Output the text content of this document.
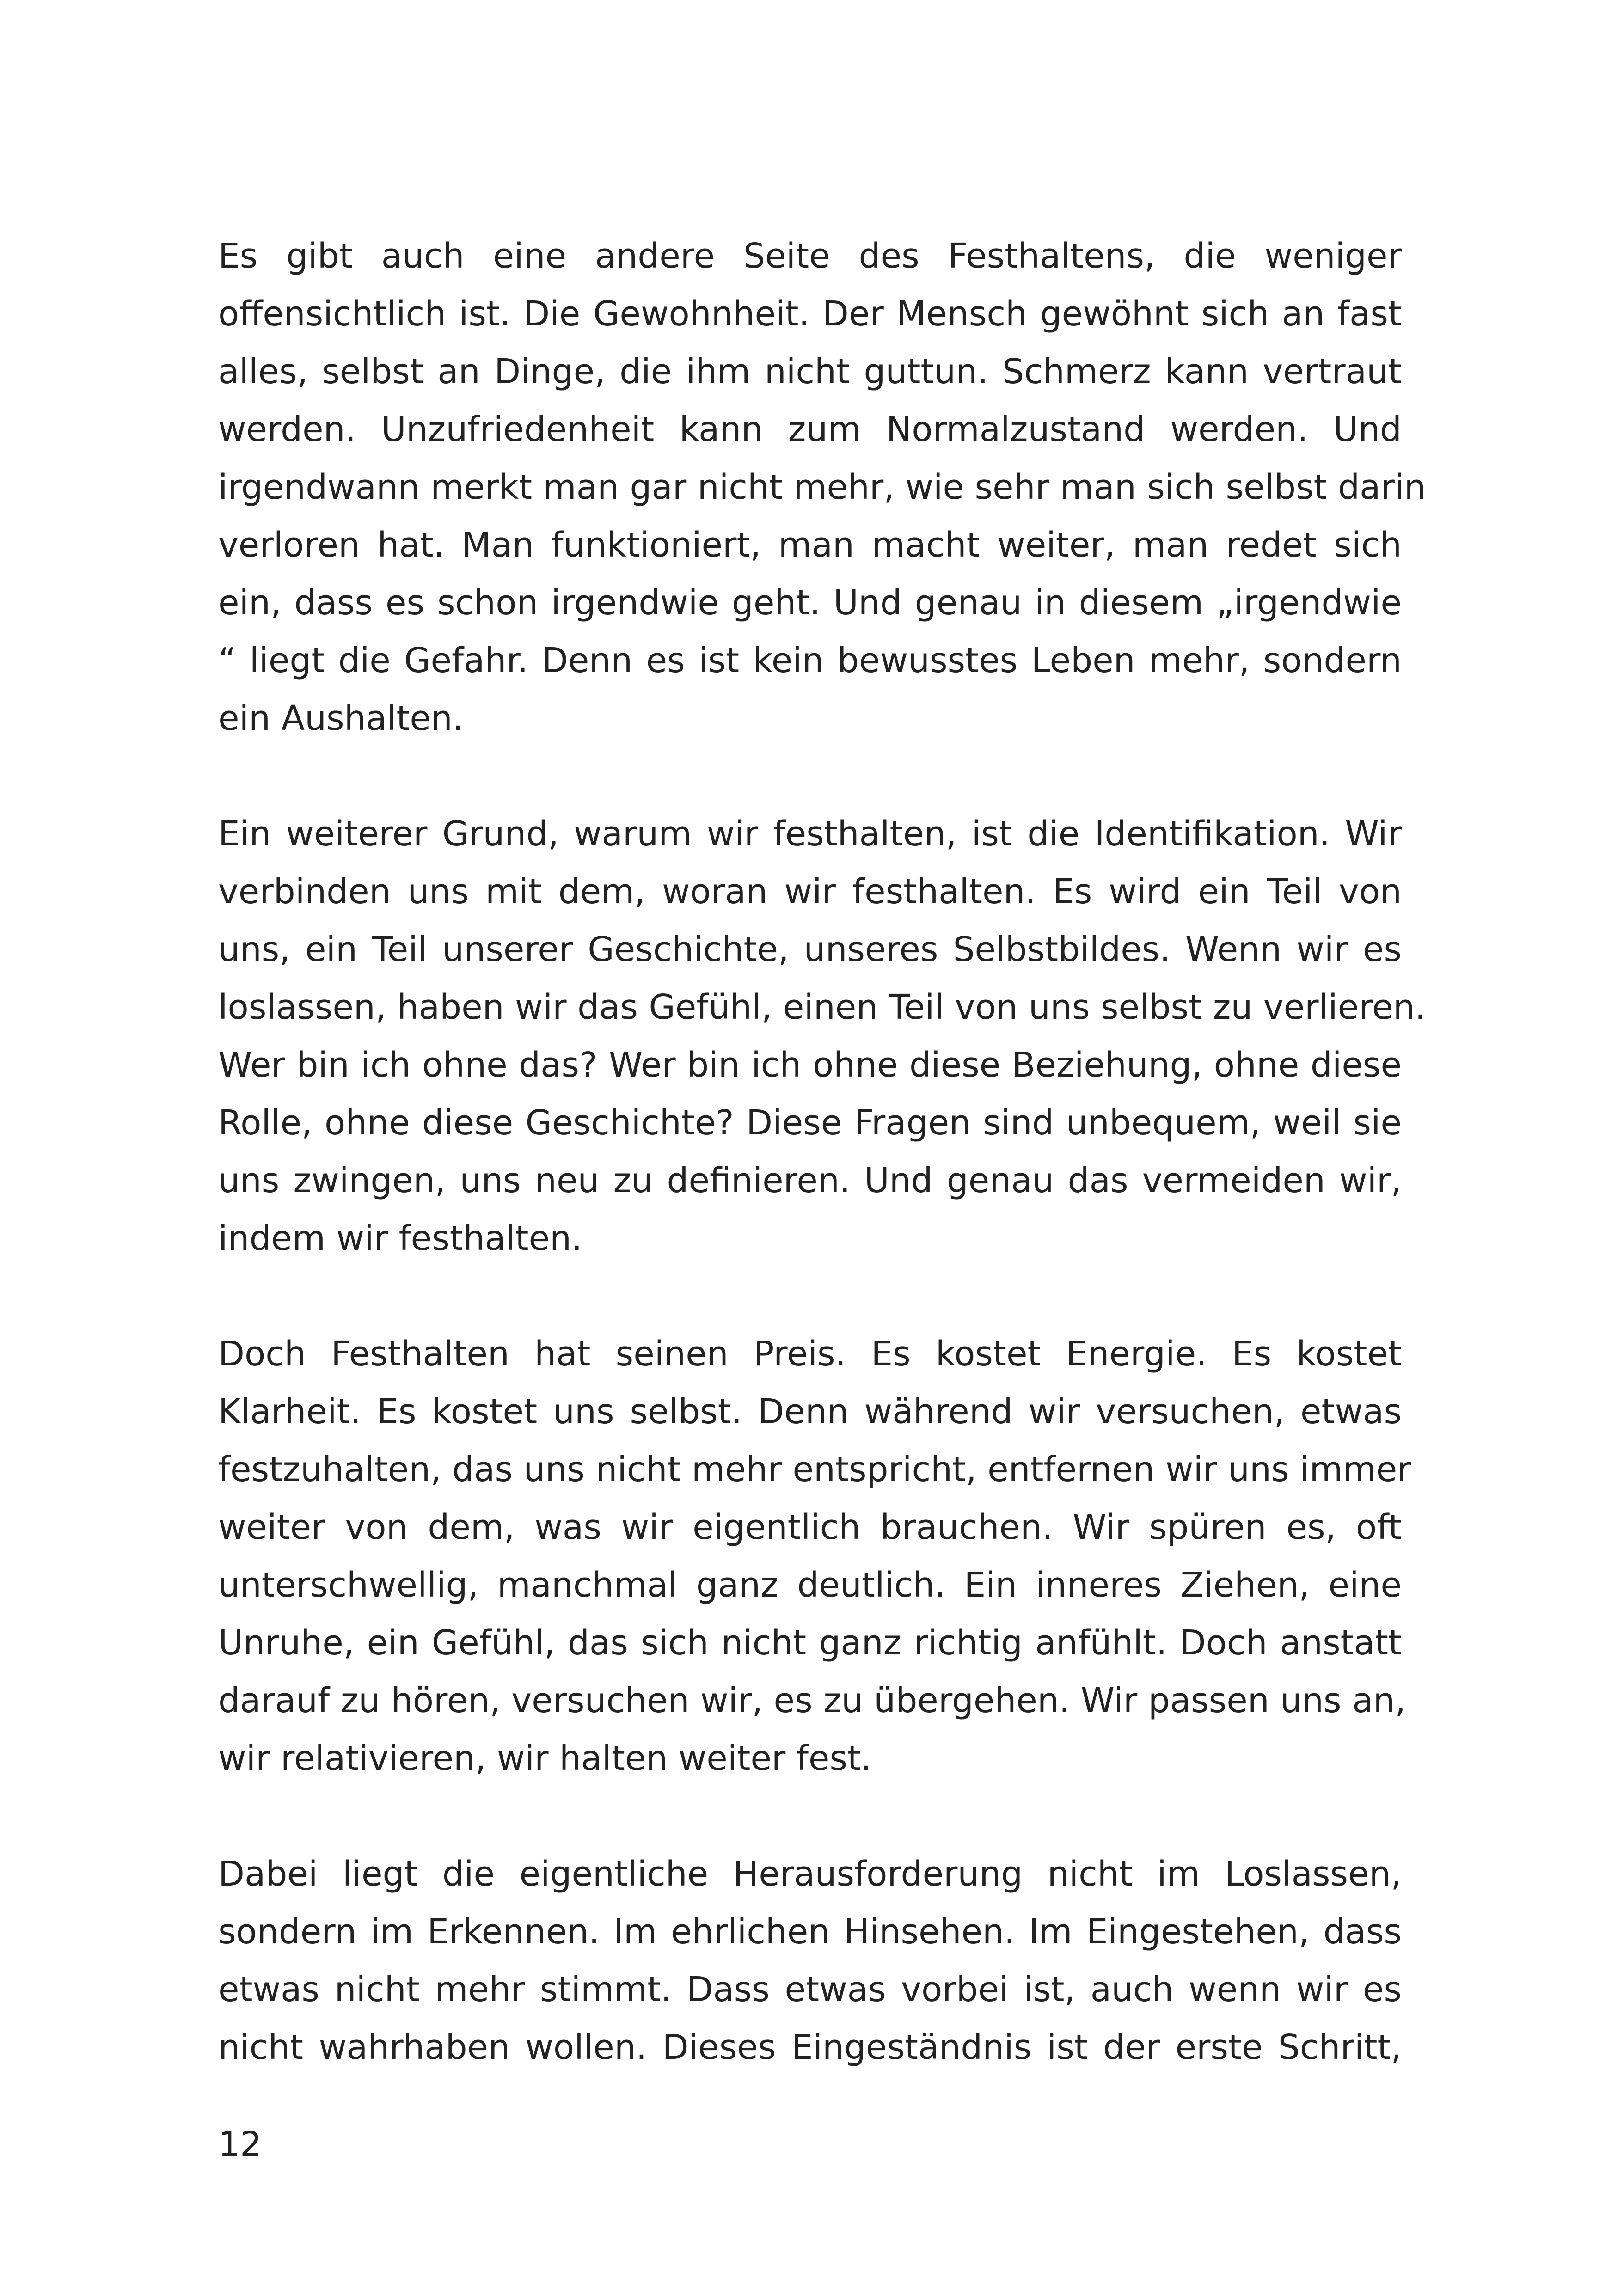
Es gibt auch eine andere Seite des Festhaltens, die weniger
offensichtlich ist. Die Gewohnheit. Der Mensch gewöhnt sich an fast
alles, selbst an Dinge, die ihm nicht guttun. Schmerz kann vertraut
werden. Unzufriedenheit kann zum Normalzustand werden. Und
irgendwann merkt man gar nicht mehr, wie sehr man sich selbst darin
verloren hat. Man funktioniert, man macht weiter, man redet sich
ein, dass es schon irgendwie geht. Und genau in diesem „irgendwie
“ liegt die Gefahr. Denn es ist kein bewusstes Leben mehr, sondern
ein Aushalten.
Ein weiterer Grund, warum wir festhalten, ist die Identifikation. Wir
verbinden uns mit dem, woran wir festhalten. Es wird ein Teil von
uns, ein Teil unserer Geschichte, unseres Selbstbildes. Wenn wir es
loslassen, haben wir das Gefühl, einen Teil von uns selbst zu verlieren.
Wer bin ich ohne das? Wer bin ich ohne diese Beziehung, ohne diese
Rolle, ohne diese Geschichte? Diese Fragen sind unbequem, weil sie
uns zwingen, uns neu zu definieren. Und genau das vermeiden wir,
indem wir festhalten.
Doch Festhalten hat seinen Preis. Es kostet Energie. Es kostet
Klarheit. Es kostet uns selbst. Denn während wir versuchen, etwas
festzuhalten, das uns nicht mehr entspricht, entfernen wir uns immer
weiter von dem, was wir eigentlich brauchen. Wir spüren es, oft
unterschwellig, manchmal ganz deutlich. Ein inneres Ziehen, eine
Unruhe, ein Gefühl, das sich nicht ganz richtig anfühlt. Doch anstatt
darauf zu hören, versuchen wir, es zu übergehen. Wir passen uns an,
wir relativieren, wir halten weiter fest.
Dabei liegt die eigentliche Herausforderung nicht im Loslassen,
sondern im Erkennen. Im ehrlichen Hinsehen. Im Eingestehen, dass
etwas nicht mehr stimmt. Dass etwas vorbei ist, auch wenn wir es
nicht wahrhaben wollen. Dieses Eingeständnis ist der erste Schritt,
12
